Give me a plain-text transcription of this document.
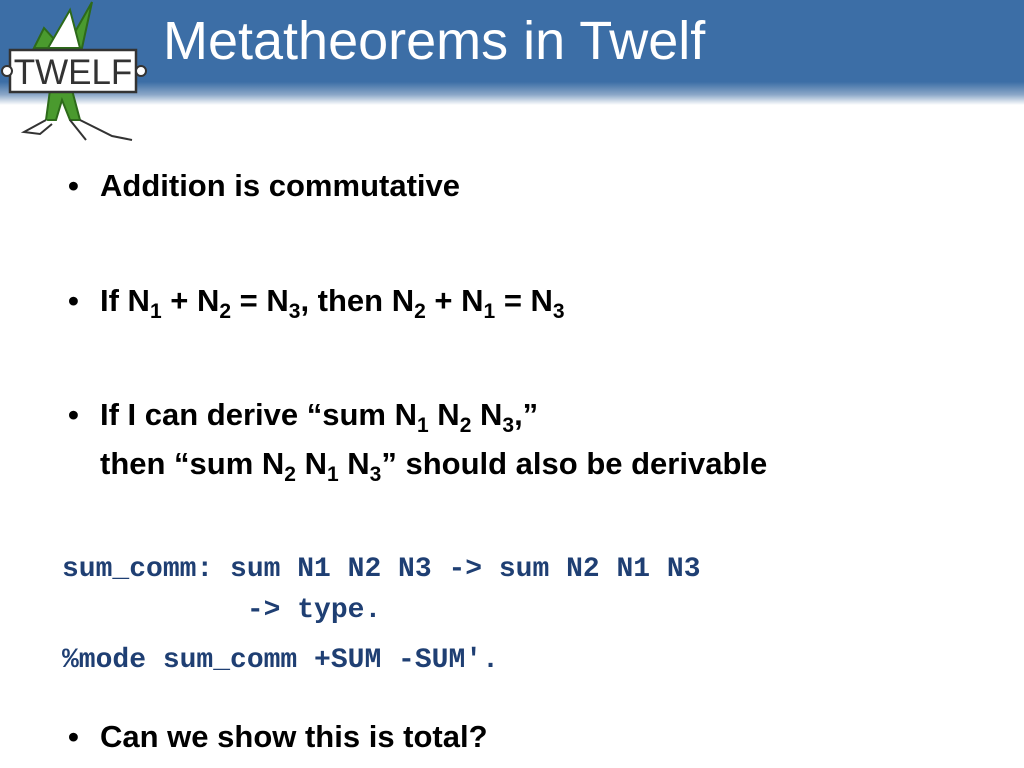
TWELF
Metatheorems in Twelf
• Addition is commutative
• If $N_1 + N_2 = N_3$, then $N_2 + N_1 = N_3$
• If I can derive “sum $N_1$ $N_2$ $N_3$,”
then “sum $N_2$ $N_1$ $N_3$” should also be derivable
sum_comm: sum N1 N2 N3 -> sum N2 N1 N3
-> type.
%mode sum_comm +SUM -SUM'.
• Can we show this is total?
